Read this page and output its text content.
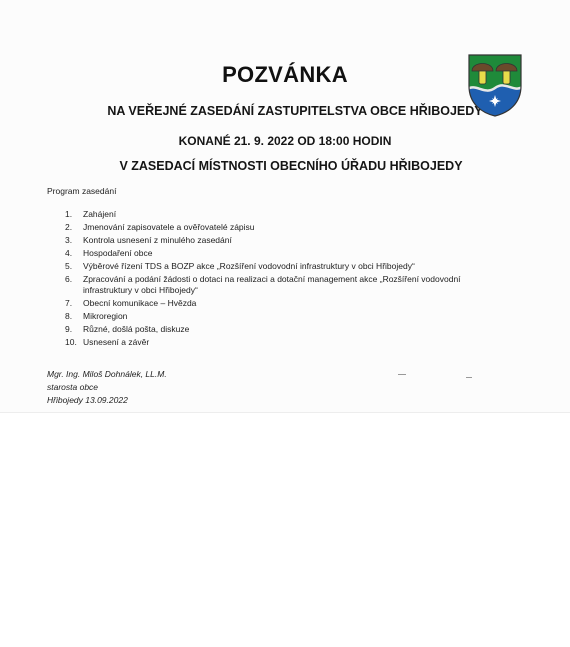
POZVÁNKA
NA VEŘEJNÉ ZASEDÁNÍ ZASTUPITELSTVA OBCE HŘIBOJEDY
KONANÉ 21. 9. 2022 OD 18:00 HODIN
V ZASEDACÍ MÍSTNOSTI OBECNÍHO ÚŘADU HŘIBOJEDY
Program zasedání
1.	Zahájení
2.	Jmenování zapisovatele a ověřovatelé zápisu
3.	Kontrola usnesení z minulého zasedání
4.	Hospodaření obce
5.	Výběrové řízení TDS a BOZP akce „Rozšíření vodovodní infrastruktury v obci Hřibojedy“
6.	Zpracování a podání žádosti o dotaci na realizaci a dotační management akce „Rozšíření vodovodní infrastruktury v obci Hřibojedy“
7.	Obecní komunikace – Hvězda
8.	Mikroregion
9.	Různé, došlá pošta, diskuze
10. Usnesení a závěr
Mgr. Ing. Miloš Dohnálek, LL.M.
starosta obce
Hřibojedy 13.09.2022
